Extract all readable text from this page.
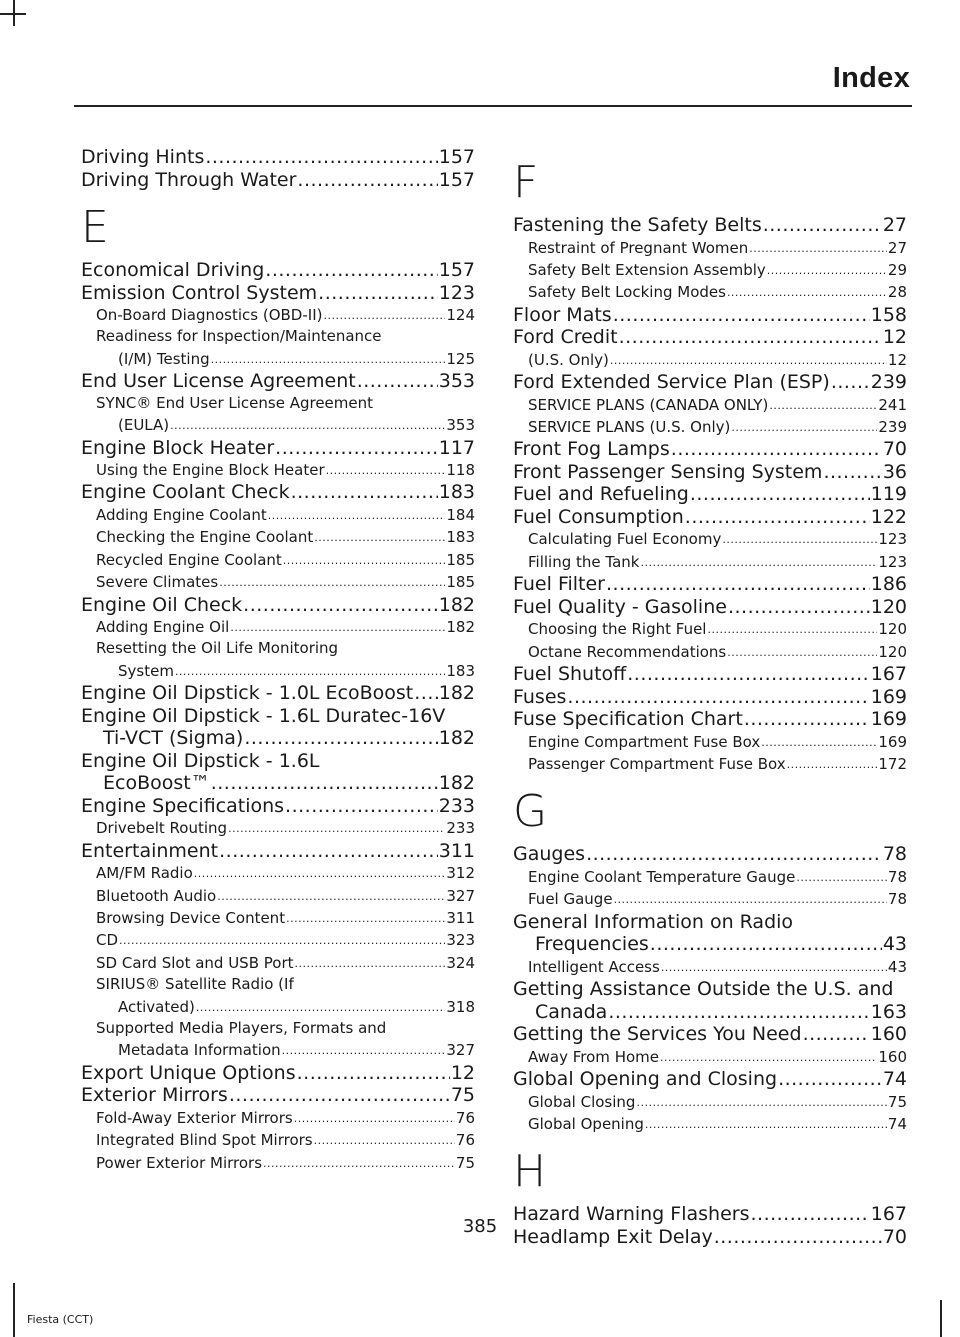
Index
Driving Hints .....	157
Driving Through Water .....	157
E
Economical Driving .....	157
Emission Control System .....	123
On-Board Diagnostics (OBD-II) .....	124
Readiness for Inspection/Maintenance
(I/M) Testing .....	125
End User License Agreement .....	353
SYNC® End User License Agreement
(EULA) .....	353
Engine Block Heater .....	117
Using the Engine Block Heater .....	118
Engine Coolant Check .....	183
Adding Engine Coolant .....	184
Checking the Engine Coolant .....	183
Recycled Engine Coolant .....	185
Severe Climates .....	185
Engine Oil Check .....	182
Adding Engine Oil .....	182
Resetting the Oil Life Monitoring
System .....	183
Engine Oil Dipstick - 1.0L EcoBoost ..... 182
Engine Oil Dipstick - 1.6L Duratec-16V
Ti-VCT (Sigma) .....	182
Engine Oil Dipstick - 1.6L
EcoBoost™ .....	182
Engine Specifications .....	233
Drivebelt Routing .....	233
Entertainment .....	311
AM/FM Radio .....	312
Bluetooth Audio .....	327
Browsing Device Content .....	311
CD .....	323
SD Card Slot and USB Port .....	324
SIRIUS® Satellite Radio (If
Activated) .....	318
Supported Media Players, Formats and
Metadata Information .....	327
Export Unique Options .....	12
Exterior Mirrors .....	75
Fold-Away Exterior Mirrors .....	76
Integrated Blind Spot Mirrors .....	76
Power Exterior Mirrors .....	75
F
Fastening the Safety Belts .....	27
Restraint of Pregnant Women .....	27
Safety Belt Extension Assembly .....	29
Safety Belt Locking Modes .....	28
Floor Mats .....	158
Ford Credit .....	12
(U.S. Only) .....	12
Ford Extended Service Plan (ESP) ..... 239
SERVICE PLANS (CANADA ONLY) .....	241
SERVICE PLANS (U.S. Only) .....	239
Front Fog Lamps .....	70
Front Passenger Sensing System .....	36
Fuel and Refueling .....	119
Fuel Consumption .....	122
Calculating Fuel Economy .....	123
Filling the Tank .....	123
Fuel Filter .....	186
Fuel Quality - Gasoline .....	120
Choosing the Right Fuel .....	120
Octane Recommendations .....	120
Fuel Shutoff .....	167
Fuses .....	169
Fuse Specification Chart .....	169
Engine Compartment Fuse Box .....	169
Passenger Compartment Fuse Box .....	172
G
Gauges .....	78
Engine Coolant Temperature Gauge .....	78
Fuel Gauge .....	78
General Information on Radio
Frequencies .....	43
Intelligent Access .....	43
Getting Assistance Outside the U.S. and
Canada .....	163
Getting the Services You Need .....	160
Away From Home .....	160
Global Opening and Closing .....	74
Global Closing .....	75
Global Opening .....	74
H
Hazard Warning Flashers .....	167
Headlamp Exit Delay .....	70
385
Fiesta (CCT)
